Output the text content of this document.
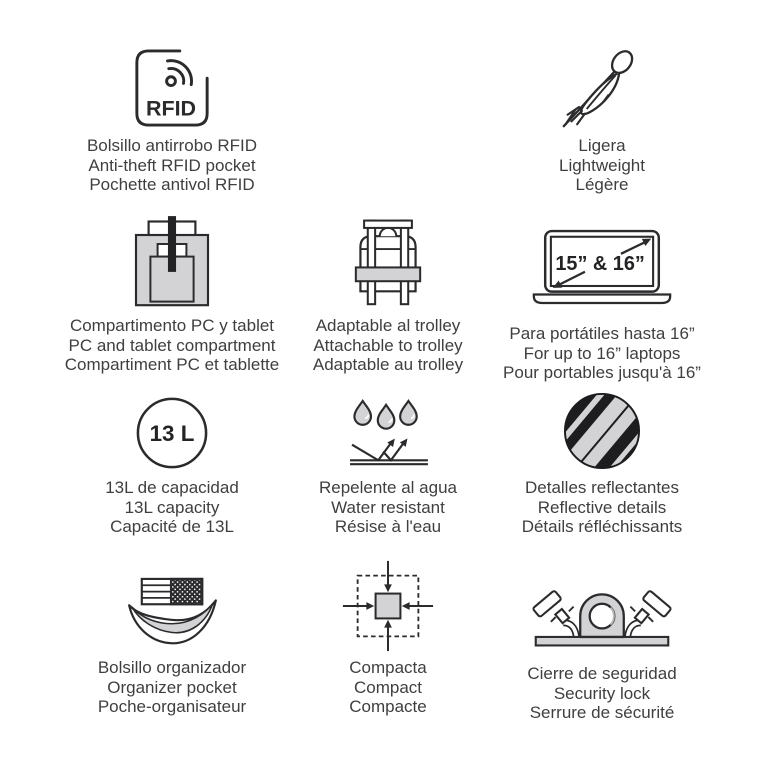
RFID
Bolsillo antirrobo RFID
Anti-theft RFID pocket
Pochette antivol RFID
Ligera
Lightweight
Légère
Compartimento PC y tablet
PC and tablet compartment
Compartiment PC et tablette
Adaptable al trolley
Attachable to trolley
Adaptable au trolley
15” & 16”
Para portátiles hasta 16”
For up to 16” laptops
Pour portables jusqu'à 16”
13 L
13L de capacidad
13L capacity
Capacité de 13L
Repelente al agua
Water resistant
Résise à l'eau
Detalles reflectantes
Reflective details
Détails réfléchissants
Bolsillo organizador
Organizer pocket
Poche-organisateur
Compacta
Compact
Compacte
Cierre de seguridad
Security lock
Serrure de sécurité
